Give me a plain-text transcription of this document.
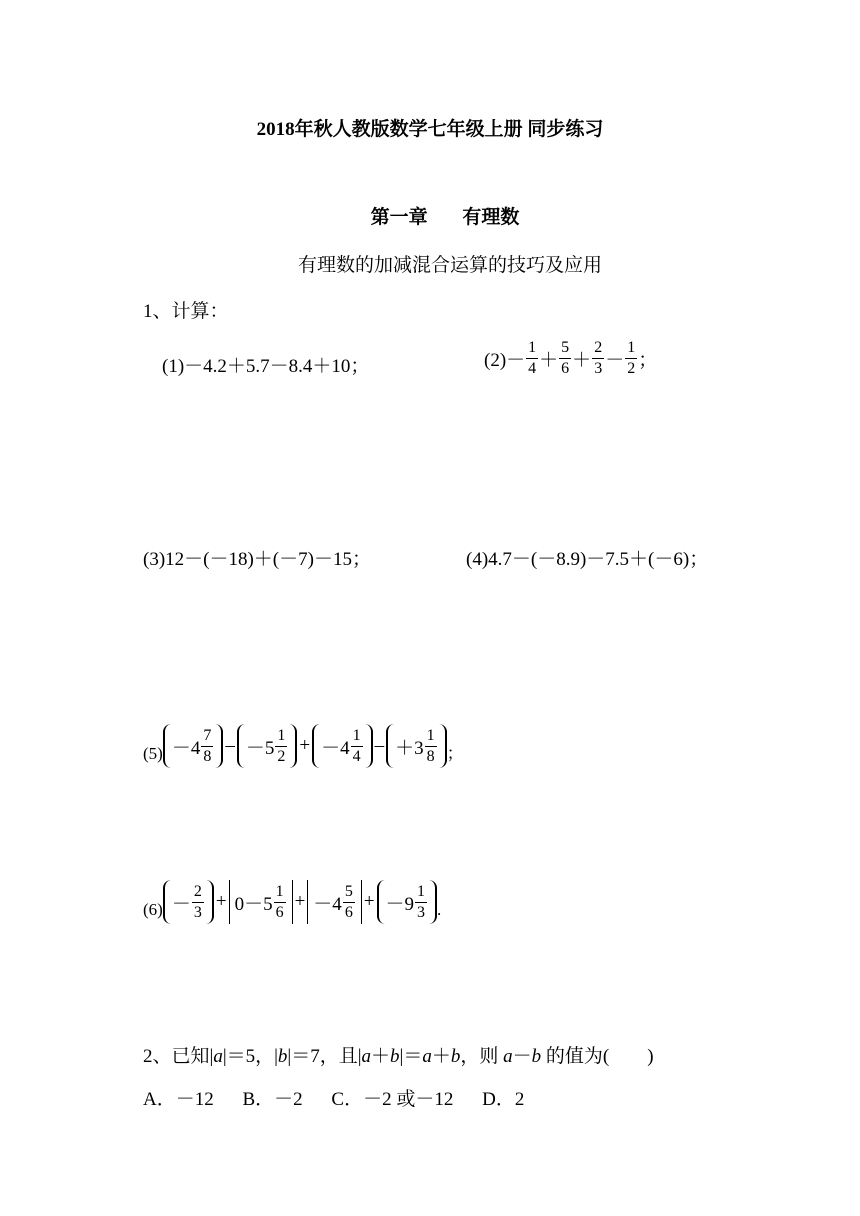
2018年秋人教版数学七年级上册 同步练习
第一章 有理数
有理数的加减混合运算的技巧及应用
1、计算：
(1)－4.2＋5.7－8.4＋10；	$(2)- \frac{1}{4} + \frac{5}{6} + \frac{2}{3} - \frac{1}{2}$ ；
(3)12－(－18)＋(－7)－15；	(4)4.7－(－8.9)－7.5＋(－6)；
$(5) -4 \frac{7}{8} - -5 \frac{1}{2} + -4 \frac{1}{4} - +3 \frac{1}{8}$ ；
$(6) - \frac{2}{3} + 0-5 \frac{1}{6} + -4 \frac{5}{6} + -9 \frac{1}{3}$ .
2、已知|a|＝5，|b|＝7，且|a＋b|＝a＋b，则 a－b 的值为(　　)
A．－12 B．－2 C．－2 或－12 D．2
